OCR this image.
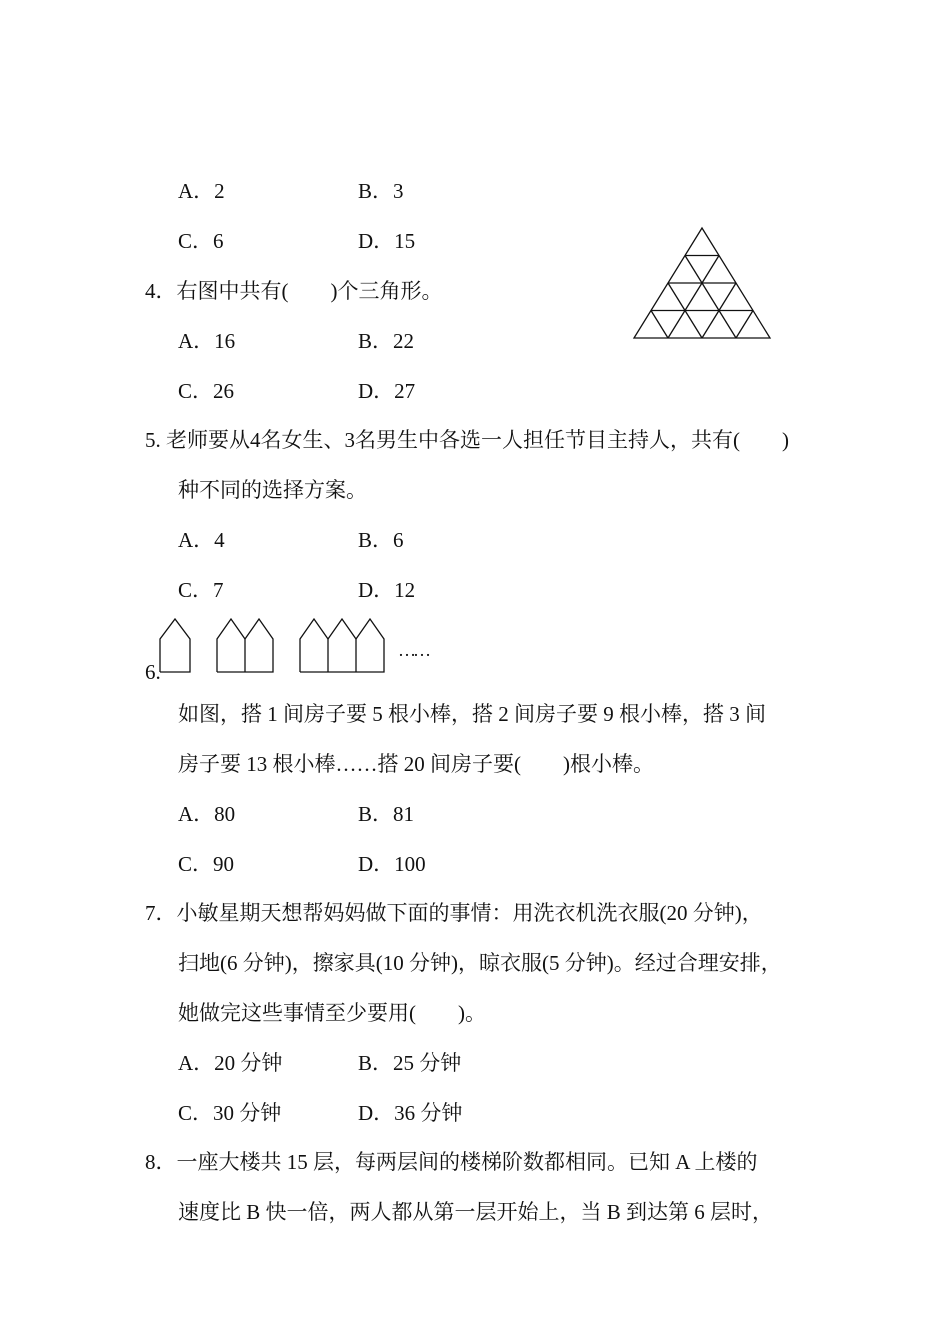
A．2	B．3
C．6	D．15
4．右图中共有(　　)个三角形。
A．16	B．22
C．26	D．27
5. 老师要从4名女生、3名男生中各选一人担任节目主持人，共有(　　)
种不同的选择方案。
A．4	B．6
C．7	D．12
6.
……
如图，搭 1 间房子要 5 根小棒，搭 2 间房子要 9 根小棒，搭 3 间
房子要 13 根小棒……搭 20 间房子要(　　)根小棒。
A．80	B．81
C．90	D．100
7．小敏星期天想帮妈妈做下面的事情：用洗衣机洗衣服(20 分钟)，
扫地(6 分钟)，擦家具(10 分钟)，晾衣服(5 分钟)。经过合理安排，
她做完这些事情至少要用(　　)。
A．20 分钟	B．25 分钟
C．30 分钟	D．36 分钟
8．一座大楼共 15 层，每两层间的楼梯阶数都相同。已知 A 上楼的
速度比 B 快一倍，两人都从第一层开始上，当 B 到达第 6 层时，
